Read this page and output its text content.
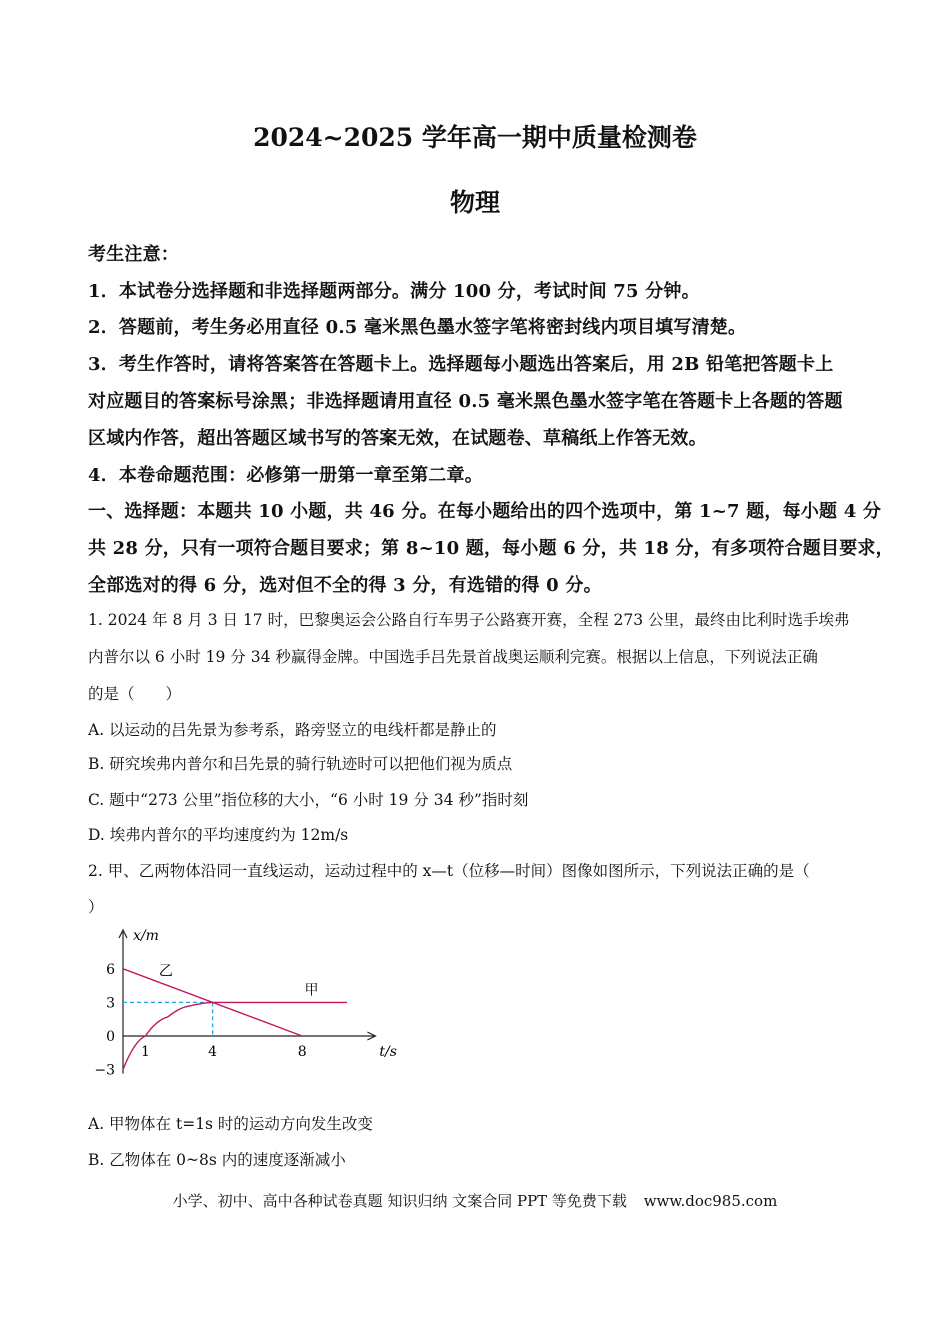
2024~2025 学年高一期中质量检测卷
物理
考生注意：
1．本试卷分选择题和非选择题两部分。满分 100 分，考试时间 75 分钟。
2．答题前，考生务必用直径 0.5 毫米黑色墨水签字笔将密封线内项目填写清楚。
3．考生作答时，请将答案答在答题卡上。选择题每小题选出答案后，用 2B 铅笔把答题卡上
对应题目的答案标号涂黑；非选择题请用直径 0.5 毫米黑色墨水签字笔在答题卡上各题的答题
区域内作答，超出答题区域书写的答案无效，在试题卷、草稿纸上作答无效。
4．本卷命题范围：必修第一册第一章至第二章。
一、选择题：本题共 10 小题，共 46 分。在每小题给出的四个选项中，第 1~7 题，每小题 4 分
共 28 分，只有一项符合题目要求；第 8~10 题，每小题 6 分，共 18 分，有多项符合题目要求，
全部选对的得 6 分，选对但不全的得 3 分，有选错的得 0 分。
1. 2024 年 8 月 3 日 17 时，巴黎奥运会公路自行车男子公路赛开赛，全程 273 公里，最终由比利时选手埃弗
内普尔以 6 小时 19 分 34 秒赢得金牌。中国选手吕先景首战奥运顺利完赛。根据以上信息，下列说法正确
的是（　　）
A. 以运动的吕先景为参考系，路旁竖立的电线杆都是静止的
B. 研究埃弗内普尔和吕先景的骑行轨迹时可以把他们视为质点
C. 题中“273 公里”指位移的大小，“6 小时 19 分 34 秒”指时刻
D. 埃弗内普尔的平均速度约为 12m/s
2. 甲、乙两物体沿同一直线运动，运动过程中的 x—t（位移—时间）图像如图所示，下列说法正确的是（
）
x/m
t/s
6
3
0
−3
1	4	8
甲
乙
A. 甲物体在 t=1s 时的运动方向发生改变
B. 乙物体在 0~8s 内的速度逐渐减小
小学、初中、高中各种试卷真题 知识归纳 文案合同 PPT 等免费下载 www.doc985.com
